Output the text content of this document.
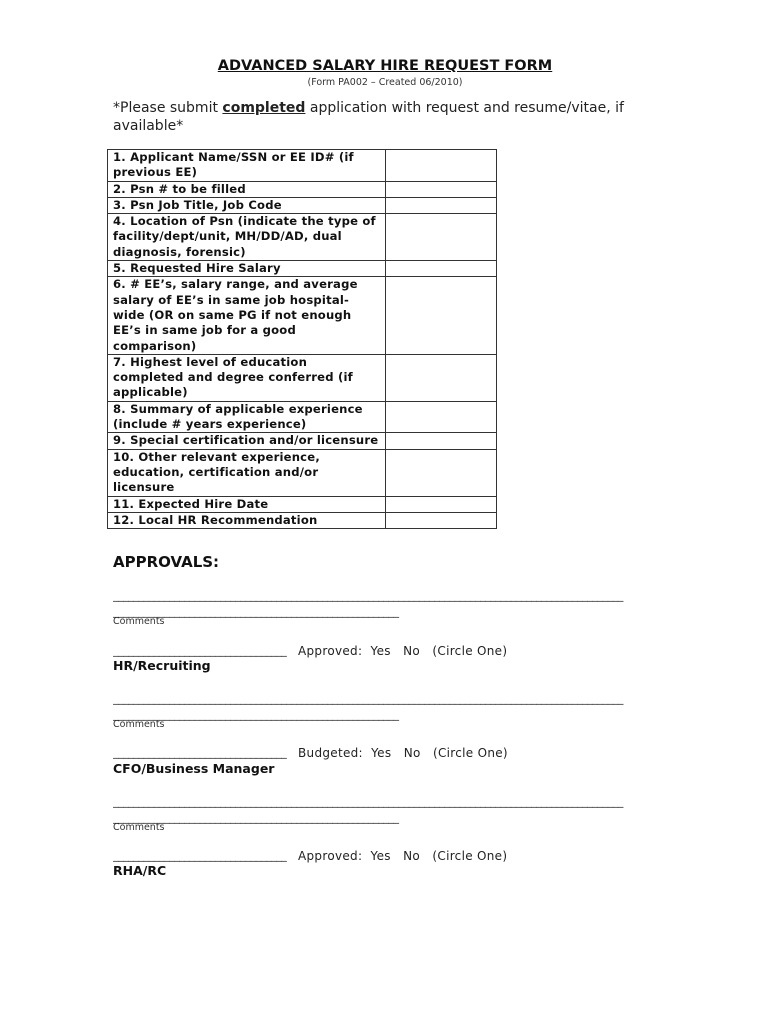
ADVANCED SALARY HIRE REQUEST FORM
(Form PA002 – Created 06/2010)
*Please submit completed application with request and resume/vitae, if available*
1. Applicant Name/SSN or EE ID# (if previous EE)	
2. Psn # to be filled	
3. Psn Job Title, Job Code	
4. Location of Psn (indicate the type of facility/dept/unit, MH/DD/AD, dual diagnosis, forensic)	
5. Requested Hire Salary	
6. # EE’s, salary range, and average salary of EE’s in same job hospital-wide (OR on same PG if not enough EE’s in same job for a good comparison)	
7. Highest level of education completed and degree conferred (if applicable)	
8. Summary of applicable experience (include # years experience)	
9. Special certification and/or licensure	
10. Other relevant experience, education, certification and/or licensure	
11. Expected Hire Date	
12. Local HR Recommendation	
APPROVALS:
____________________________________________________________________________________________________
________________________________________________________
Comments
__________________________________ Approved:  Yes   No   (Circle One)
HR/Recruiting
____________________________________________________________________________________________________
________________________________________________________
Comments
__________________________________ Budgeted:  Yes   No   (Circle One)
CFO/Business Manager
____________________________________________________________________________________________________
________________________________________________________
Comments
__________________________________ Approved:  Yes   No   (Circle One)
RHA/RC
